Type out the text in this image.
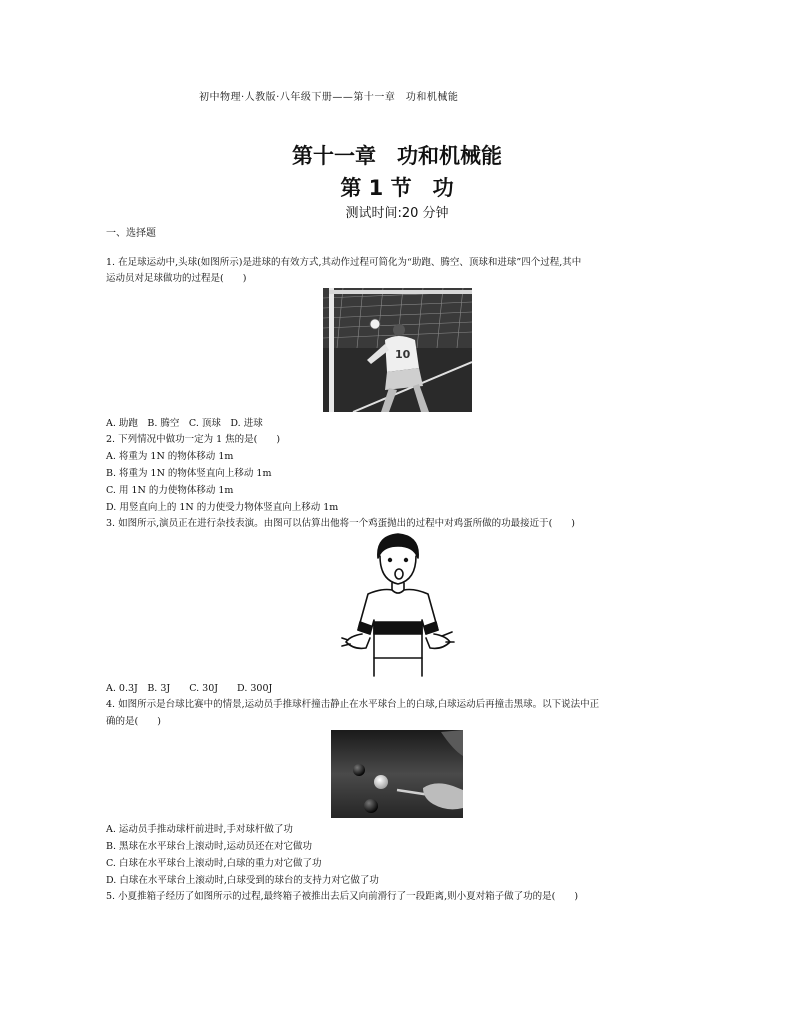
初中物理·人教版·八年级下册——第十一章　功和机械能
第十一章　功和机械能
第 1 节　功
测试时间:20 分钟
一、选择题
1. 在足球运动中,头球(如图所示)是进球的有效方式,其动作过程可简化为“助跑、腾空、顶球和进球”四个过程,其中
运动员对足球做功的过程是(　　)
10
A. 助跑　B. 腾空　C. 顶球　D. 进球
2. 下列情况中做功一定为 1 焦的是(　　)
A. 将重为 1N 的物体移动 1m
B. 将重为 1N 的物体竖直向上移动 1m
C. 用 1N 的力使物体移动 1m
D. 用竖直向上的 1N 的力使受力物体竖直向上移动 1m
3. 如图所示,演员正在进行杂技表演。由图可以估算出他将一个鸡蛋抛出的过程中对鸡蛋所做的功最接近于(　　)
A. 0.3J　B. 3J　　C. 30J　　D. 300J
4. 如图所示是台球比赛中的情景,运动员手推球杆撞击静止在水平球台上的白球,白球运动后再撞击黑球。以下说法中正
确的是(　　)
A. 运动员手推动球杆前进时,手对球杆做了功
B. 黑球在水平球台上滚动时,运动员还在对它做功
C. 白球在水平球台上滚动时,白球的重力对它做了功
D. 白球在水平球台上滚动时,白球受到的球台的支持力对它做了功
5. 小夏推箱子经历了如图所示的过程,最终箱子被推出去后又向前滑行了一段距离,则小夏对箱子做了功的是(　　)
